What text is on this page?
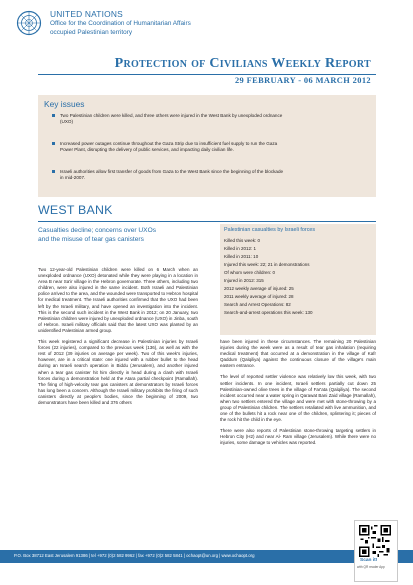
UNITED NATIONS
Office for the Coordination of Humanitarian Affairs
occupied Palestinian territory
Protection of Civilians Weekly Report
29 FEBRUARY - 06 MARCH 2012
Key issues
Two Palestinian children were killed, and three others were injured in the West Bank by unexploded ordnance
(UXO)
Increased power outages continue throughout the Gaza Strip due to insufficient fuel supply to run the Gaza
Power Plant, disrupting the delivery of public services, and impacting daily civilian life.
Israeli authorities allow first transfer of goods from Gaza to the West Bank since the beginning of the blockade
in mid-2007.
WEST BANK
Casualties decline; concerns over UXOs
and the misuse of tear gas canisters

Two 12-year-old Palestinian children were killed on 6 March when an unexploded ordnance (UXO) detonated while they were playing in a location in Area B near Sa'ir village in the Hebron governorate. Three others, including two children, were also injured in the same incident. Both Israeli and Palestinian police arrived to the area, and the wounded were transported to Hebron hospital for medical treatment. The Israeli authorities confirmed that the UXO had been left by the Israeli military, and have opened an investigation into the incident. This is the second such incident in the West Bank in 2012; on 20 January, two Palestinian children were injured by unexploded ordnance (UXO) in Jinba, south of Hebron. Israeli military officials said that the latest UXO was planted by an unidentified Palestinian armed group.

This week registered a significant decrease in Palestinian injuries by Israeli forces (22 injuries), compared to the previous week (136), as well as with the rest of 2012 (39 injuries on average per week). Two of this week's injuries, however, are in a critical state: one injured with a rubber bullet to the head during an Israeli search operation in Biddu (Jerusalem), and another injured when a tear gas canister hit him directly in head during a clash with Israeli forces during a demonstration held at the Atara partial checkpoint (Ramallah). The firing of high-velocity tear gas canisters at demonstrators by Israeli forces has long been a concern. Although the Israeli military prohibits the firing of such canisters directly at people's bodies, since the beginning of 2009, two demonstrators have been killed and 376 others

Palestinian casualties by Israeli forces
Killed this week: 0
Killed in 2012: 1
Killed in 2011: 10
Injured this week: 22; 21 in demonstrations
Of whom were children: 0
Injured in 2012: 315
2012 weekly average of injured: 25
2011 weekly average of injured: 28
Search and Arrest Operations: 82
Search-and-arrest operations this week: 130

have been injured in these circumstances. The remaining 20 Palestinian injuries during the week were as a result of tear gas inhalation (requiring medical treatment) that occurred at a demonstration in the village of Kafr Qaddum (Qalqiliya) against the continuous closure of the village's main eastern entrance.

The level of reported settler violence was relatively low this week, with two settler incidents. In one incident, Israeli settlers partially cut down 25 Palestinian-owned olive trees in the village of Far'ata (Qalqiliya). The second incident occurred near a water spring in Qarawat Bani Zaid village (Ramallah), when two settlers entered the village and were met with stone-throwing by a group of Palestinian children. The settlers retaliated with live ammunition, and one of the bullets hit a rock near one of the children, splintering it; pieces of the rock hit the child in the eye.

There were also reports of Palestinian stone-throwing targeting settlers in Hebron City (H2) and near Al- Ram village (Jerusalem). While there were no injuries, some damage to vehicles was reported.

P.O. Box 38712 East Jerusalem 91386 | tel +972 (0)2 582 9962 | fax +972 (0)2 582 5841 | ochaopt@un.org | www.ochaopt.org
Scan it!
with QR reader App
